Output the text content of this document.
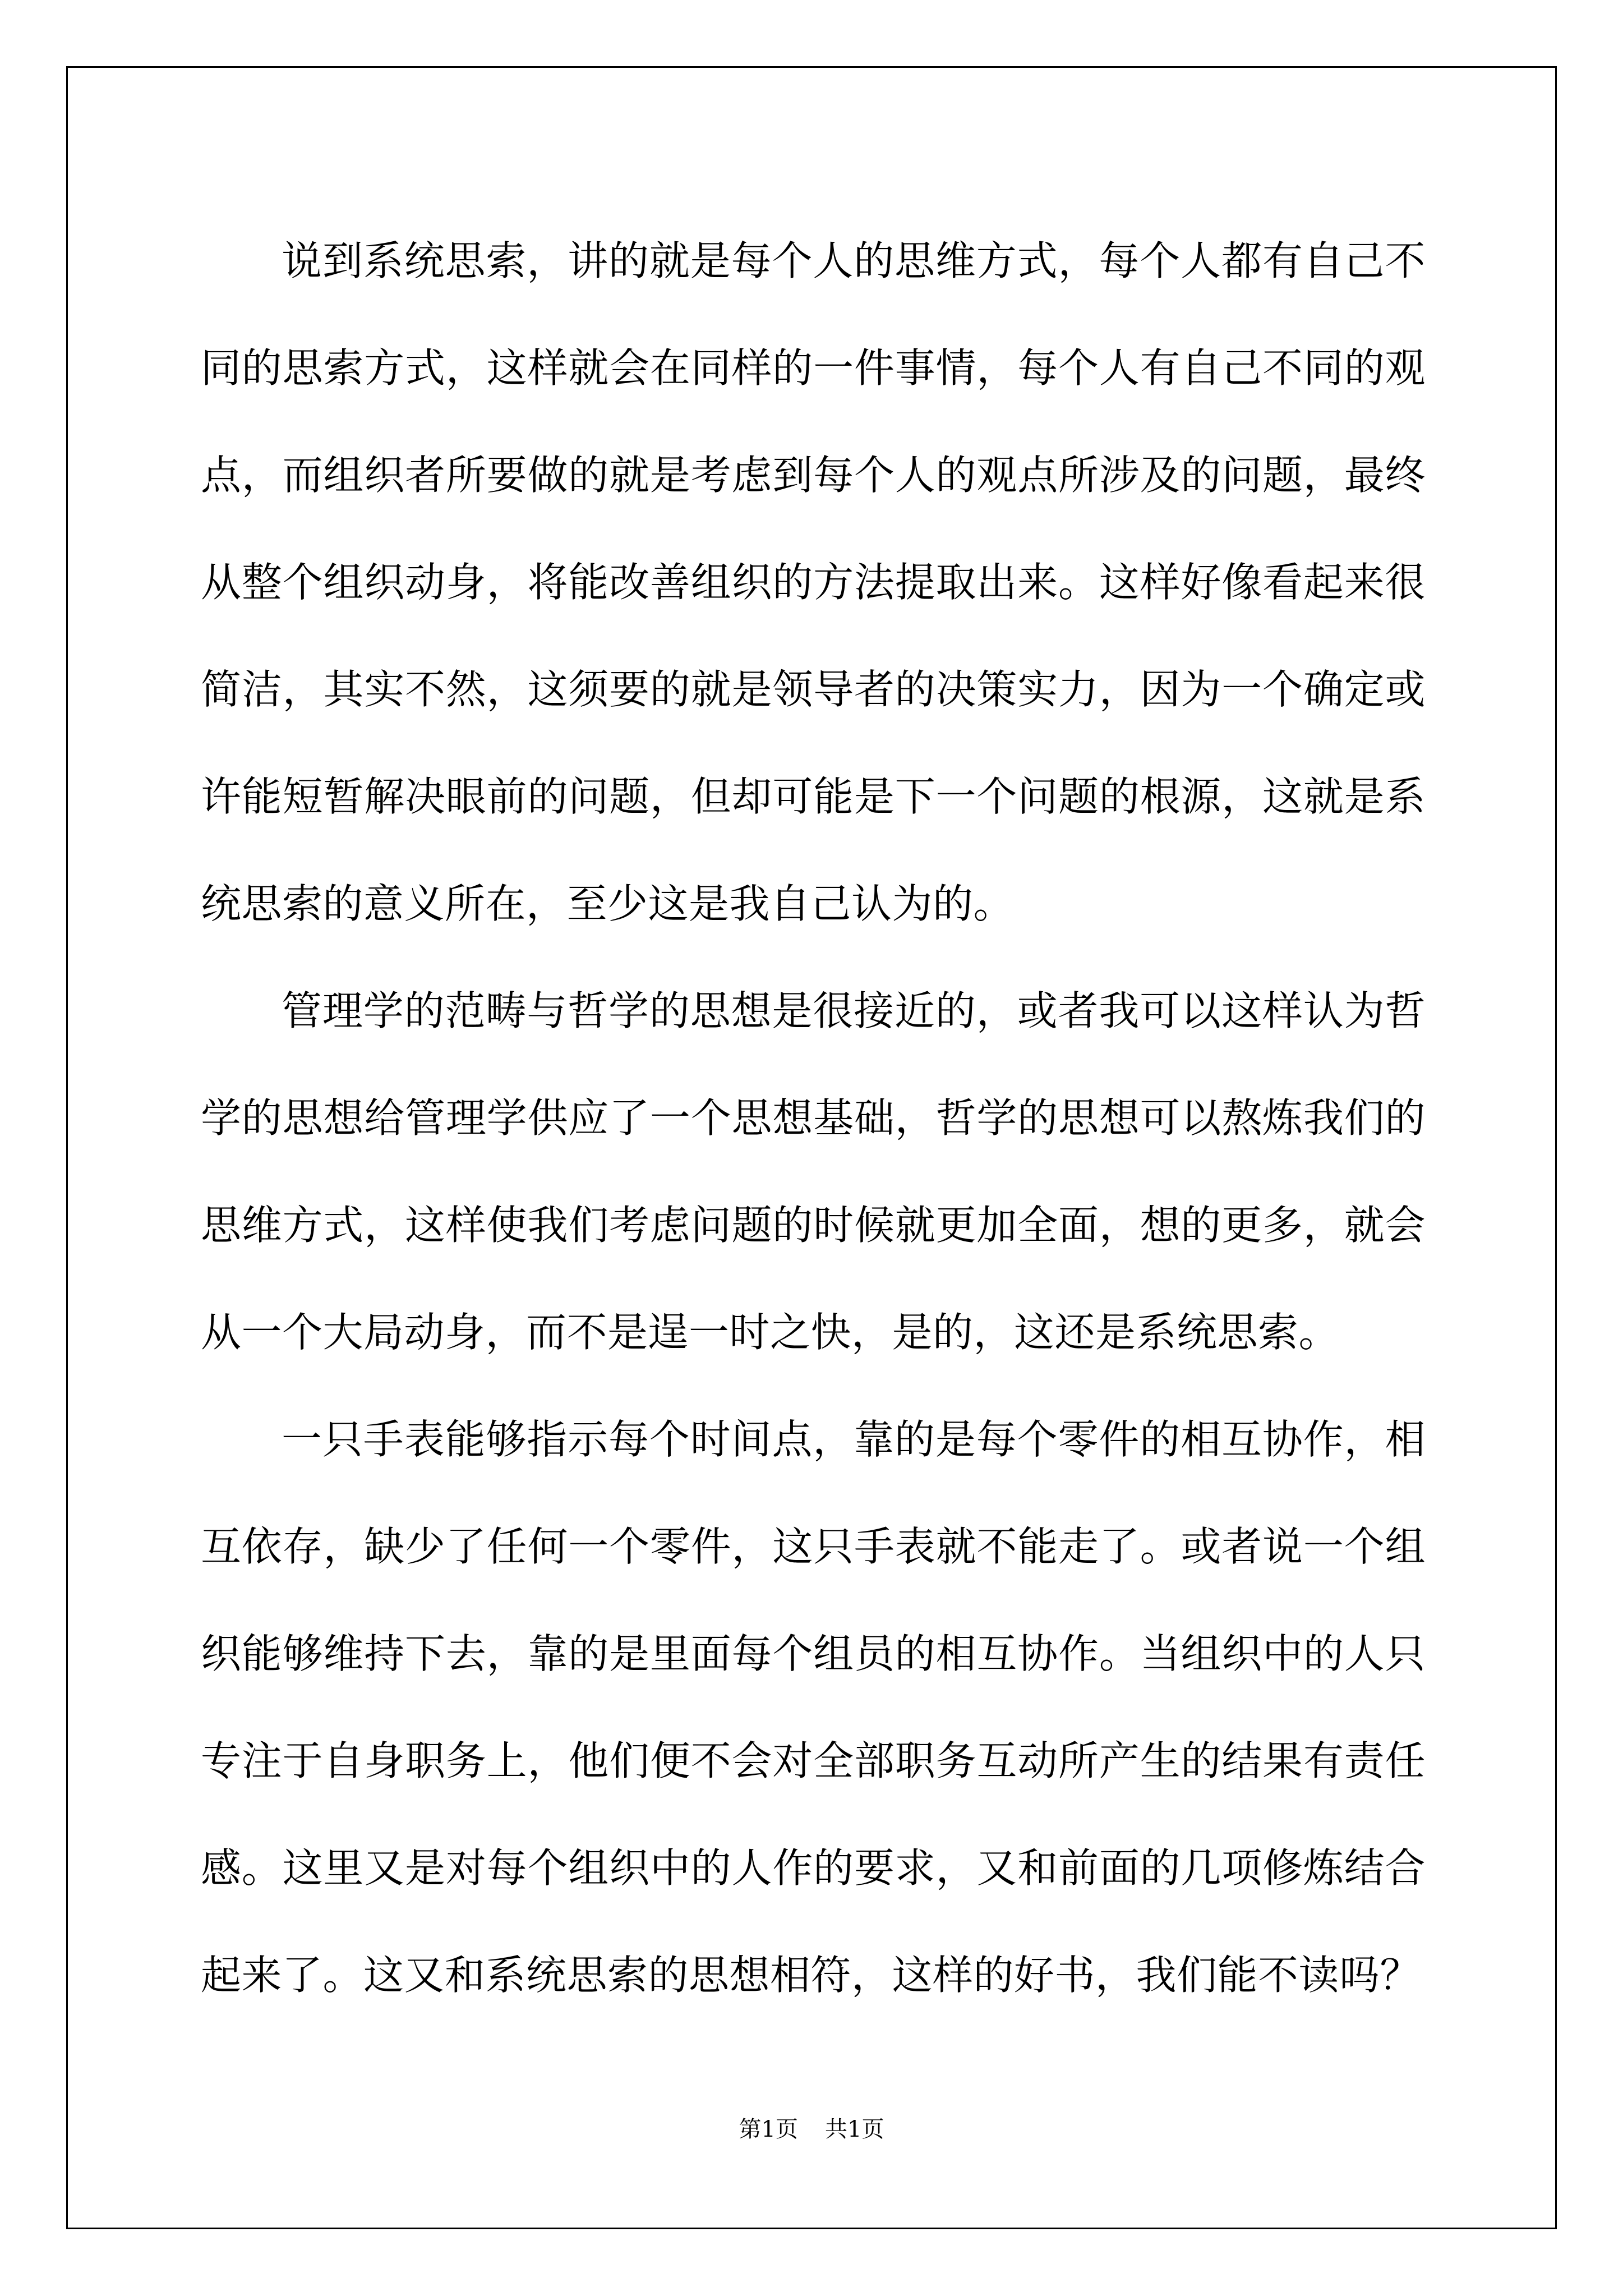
说到系统思索，讲的就是每个人的思维方式，每个人都有自己不同的思索方式，这样就会在同样的一件事情，每个人有自己不同的观点，而组织者所要做的就是考虑到每个人的观点所涉及的问题，最终从整个组织动身，将能改善组织的方法提取出来。这样好像看起来很简洁，其实不然，这须要的就是领导者的决策实力，因为一个确定或许能短暂解决眼前的问题，但却可能是下一个问题的根源，这就是系统思索的意义所在，至少这是我自己认为的。

管理学的范畴与哲学的思想是很接近的，或者我可以这样认为哲学的思想给管理学供应了一个思想基础，哲学的思想可以熬炼我们的思维方式，这样使我们考虑问题的时候就更加全面，想的更多，就会从一个大局动身，而不是逞一时之快，是的，这还是系统思索。

一只手表能够指示每个时间点，靠的是每个零件的相互协作，相互依存，缺少了任何一个零件，这只手表就不能走了。或者说一个组织能够维持下去，靠的是里面每个组员的相互协作。当组织中的人只专注于自身职务上，他们便不会对全部职务互动所产生的结果有责任感。这里又是对每个组织中的人作的要求，又和前面的几项修炼结合起来了。这又和系统思索的思想相符，这样的好书，我们能不读吗？

第1页 共1页
